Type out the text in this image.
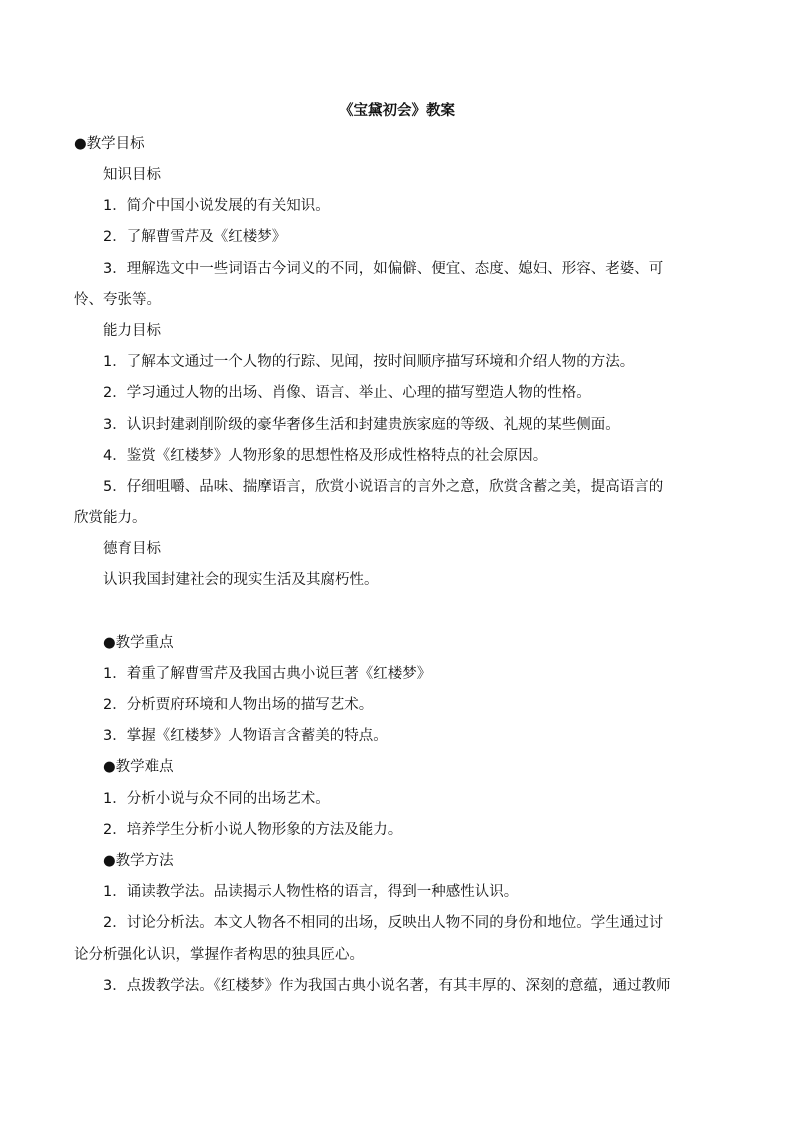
《宝黛初会》教案
●教学目标
知识目标
1．简介中国小说发展的有关知识。
2．了解曹雪芹及《红楼梦》
3．理解选文中一些词语古今词义的不同，如偏僻、便宜、态度、媳妇、形容、老婆、可
怜、夸张等。
能力目标
1．了解本文通过一个人物的行踪、见闻，按时间顺序描写环境和介绍人物的方法。
2．学习通过人物的出场、肖像、语言、举止、心理的描写塑造人物的性格。
3．认识封建剥削阶级的豪华奢侈生活和封建贵族家庭的等级、礼规的某些侧面。
4．鉴赏《红楼梦》人物形象的思想性格及形成性格特点的社会原因。
5．仔细咀嚼、品味、揣摩语言，欣赏小说语言的言外之意，欣赏含蓄之美，提高语言的
欣赏能力。
德育目标
认识我国封建社会的现实生活及其腐朽性。
●教学重点
1．着重了解曹雪芹及我国古典小说巨著《红楼梦》
2．分析贾府环境和人物出场的描写艺术。
3．掌握《红楼梦》人物语言含蓄美的特点。
●教学难点
1．分析小说与众不同的出场艺术。
2．培养学生分析小说人物形象的方法及能力。
●教学方法
1．诵读教学法。品读揭示人物性格的语言，得到一种感性认识。
2．讨论分析法。本文人物各不相同的出场，反映出人物不同的身份和地位。学生通过讨
论分析强化认识，掌握作者构思的独具匠心。
3．点拨教学法。《红楼梦》作为我国古典小说名著，有其丰厚的、深刻的意蕴，通过教师
